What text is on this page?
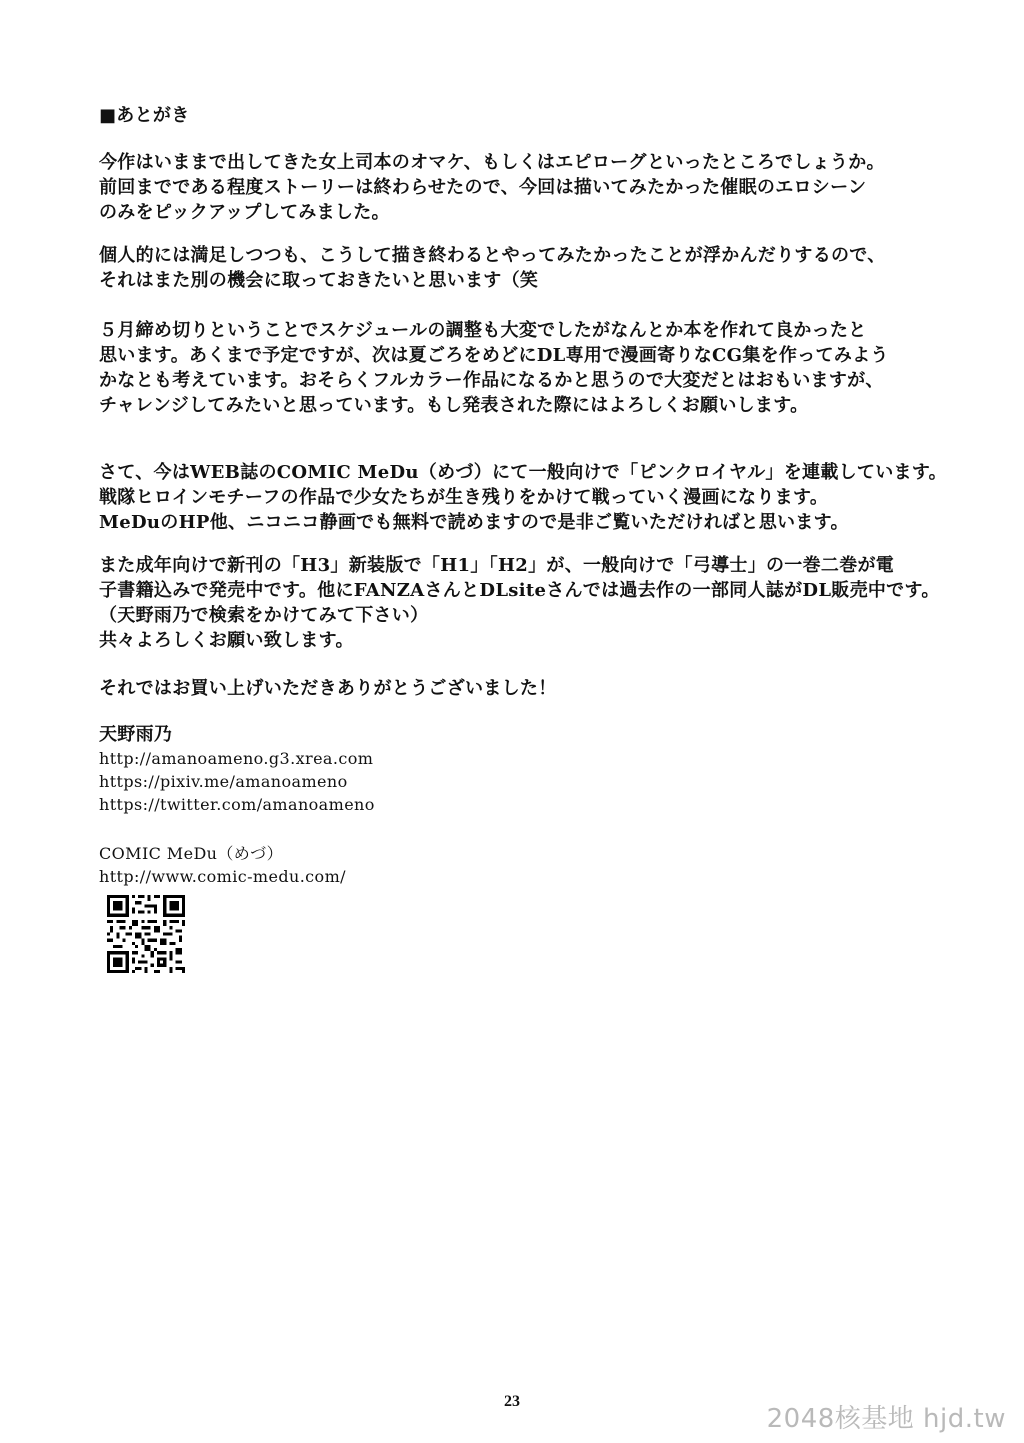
■あとがき
今作はいままで出してきた女上司本のオマケ、もしくはエピローグといったところでしょうか。
前回までである程度ストーリーは終わらせたので、今回は描いてみたかった催眠のエロシーン
のみをピックアップしてみました。
個人的には満足しつつも、こうして描き終わるとやってみたかったことが浮かんだりするので、
それはまた別の機会に取っておきたいと思います（笑
５月締め切りということでスケジュールの調整も大変でしたがなんとか本を作れて良かったと
思います。あくまで予定ですが、次は夏ごろをめどにDL専用で漫画寄りなCG集を作ってみよう
かなとも考えています。おそらくフルカラー作品になるかと思うので大変だとはおもいますが、
チャレンジしてみたいと思っています。もし発表された際にはよろしくお願いします。
さて、今はWEB誌のCOMIC MeDu（めづ）にて一般向けで「ピンクロイヤル」を連載しています。
戦隊ヒロインモチーフの作品で少女たちが生き残りをかけて戦っていく漫画になります。
MeDuのHP他、ニコニコ静画でも無料で読めますので是非ご覧いただければと思います。
また成年向けで新刊の「H3」新装版で「H1」「H2」が、一般向けで「弓導士」の一巻二巻が電
子書籍込みで発売中です。他にFANZAさんとDLsiteさんでは過去作の一部同人誌がDL販売中です。
（天野雨乃で検索をかけてみて下さい）
共々よろしくお願い致します。
それではお買い上げいただきありがとうございました！
天野雨乃
http://amanoameno.g3.xrea.com
https://pixiv.me/amanoameno
https://twitter.com/amanoameno
COMIC MeDu（めづ）
http://www.comic-medu.com/
23
2048核基地 hjd.tw
